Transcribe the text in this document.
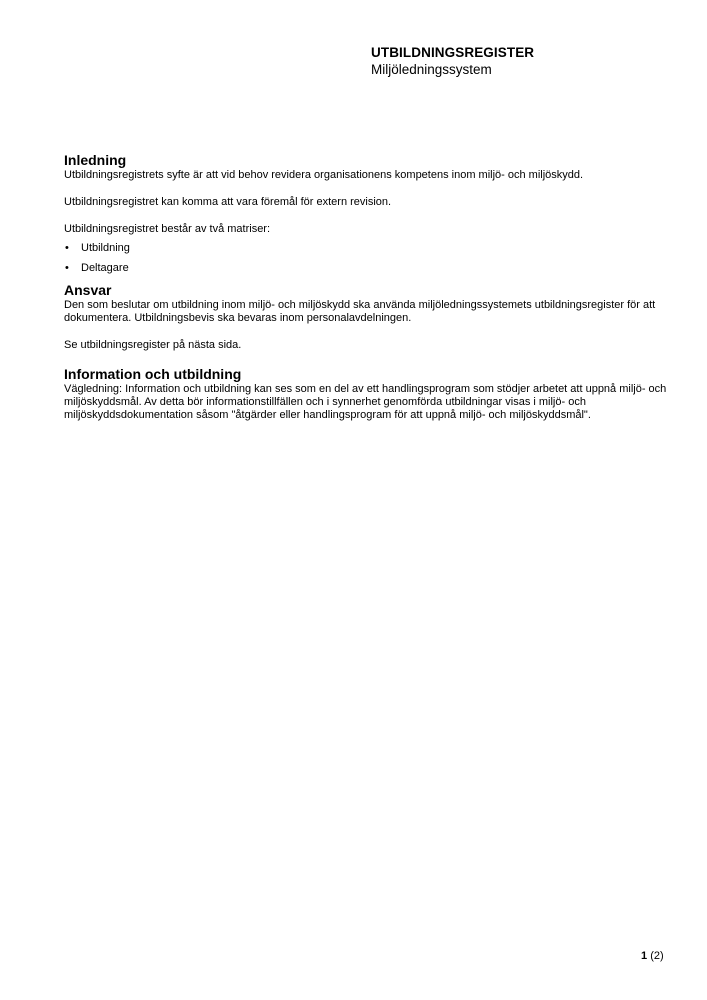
UTBILDNINGSREGISTER
Miljöledningssystem
Inledning

Utbildningsregistrets syfte är att vid behov revidera organisationens kompetens inom miljö- och miljöskydd.

Utbildningsregistret kan komma att vara föremål för extern revision.

Utbildningsregistret består av två matriser:

• Utbildning
• Deltagare
Ansvar

Den som beslutar om utbildning inom miljö- och miljöskydd ska använda miljöledningssystemets utbildningsregister för att dokumentera. Utbildningsbevis ska bevaras inom personalavdelningen.

Se utbildningsregister på nästa sida.

Information och utbildning

Vägledning: Information och utbildning kan ses som en del av ett handlingsprogram som stödjer arbetet att uppnå miljö- och miljöskyddsmål. Av detta bör informationstillfällen och i synnerhet genomförda utbildningar visas i miljö- och miljöskyddsdokumentation såsom "åtgärder eller handlingsprogram för att uppnå miljö- och miljöskyddsmål".

1 (2)
